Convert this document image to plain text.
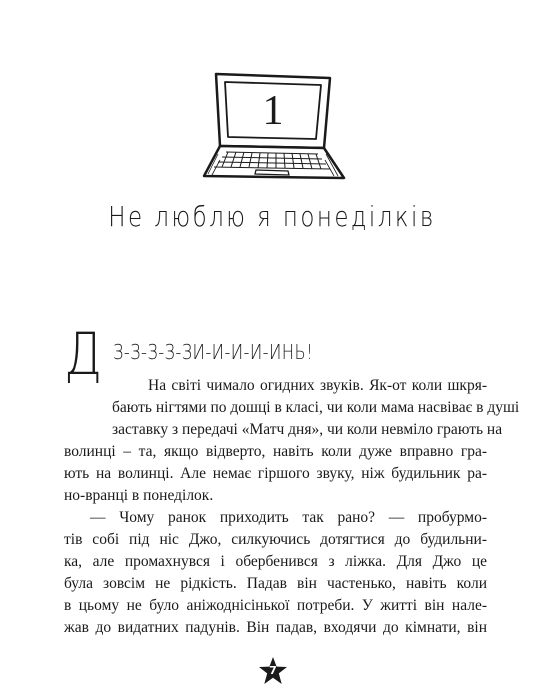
1
Не люблю я понеділків
Д З-З-З-З-ЗИ-И-И-И-ИНЬ!
На світі чимало огидних звуків. Як-от коли шкря-
бають нігтями по дошці в класі, чи коли мама насвіває в душі
заставку з передачі «Матч дня», чи коли невміло грають на
волинці – та, якщо відверто, навіть коли дуже вправно гра-
ють на волинці. Але немає гіршого звуку, ніж будильник ра-
но-вранці в понеділок.
— Чому ранок приходить так рано? — пробурмо-
тів собі під ніс Джо, силкуючись дотягтися до будильни-
ка, але промахнувся і обербенився з ліжка. Для Джо це
була зовсім не рідкість. Падав він частенько, навіть коли
в цьому не було аніжоднісінької потреби. У житті він нале-
жав до видатних падунів. Він падав, входячи до кімнати, він
7
